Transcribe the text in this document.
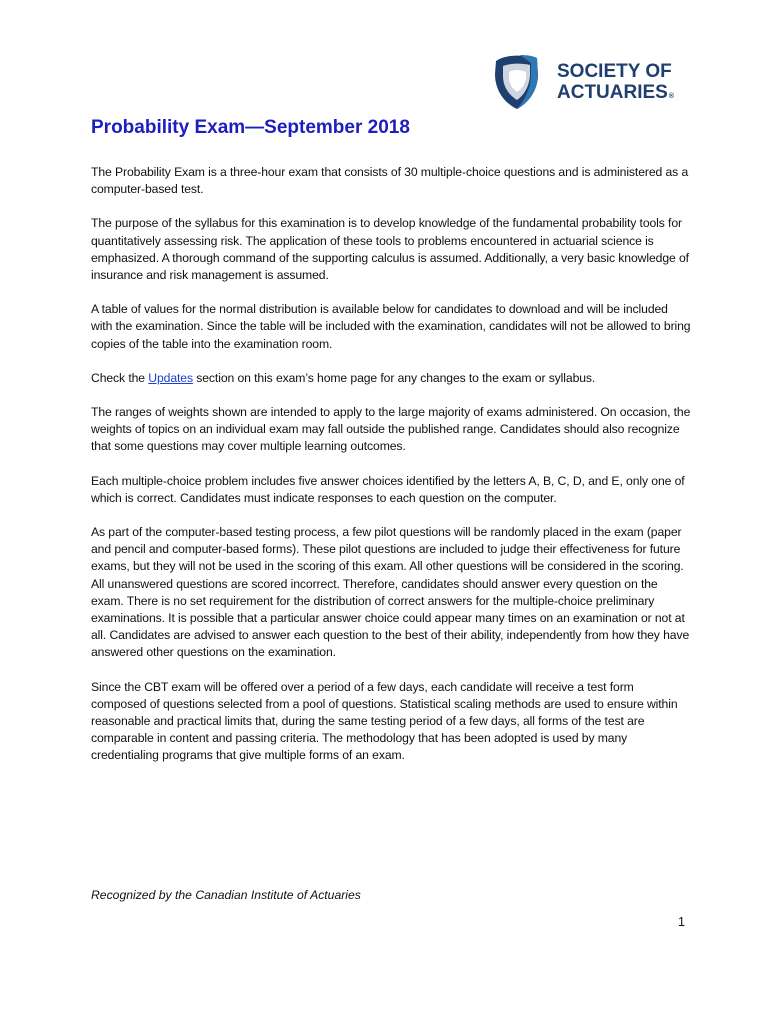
SOCIETY OF
ACTUARIES®
Probability Exam—September 2018

The Probability Exam is a three-hour exam that consists of 30 multiple-choice questions and is administered as a computer-based test.

The purpose of the syllabus for this examination is to develop knowledge of the fundamental probability tools for quantitatively assessing risk. The application of these tools to problems encountered in actuarial science is emphasized. A thorough command of the supporting calculus is assumed. Additionally, a very basic knowledge of insurance and risk management is assumed.

A table of values for the normal distribution is available below for candidates to download and will be included with the examination. Since the table will be included with the examination, candidates will not be allowed to bring copies of the table into the examination room.

Check the Updates section on this exam’s home page for any changes to the exam or syllabus.

The ranges of weights shown are intended to apply to the large majority of exams administered. On occasion, the weights of topics on an individual exam may fall outside the published range. Candidates should also recognize that some questions may cover multiple learning outcomes.

Each multiple-choice problem includes five answer choices identified by the letters A, B, C, D, and E, only one of which is correct. Candidates must indicate responses to each question on the computer.

As part of the computer-based testing process, a few pilot questions will be randomly placed in the exam (paper and pencil and computer-based forms). These pilot questions are included to judge their effectiveness for future exams, but they will not be used in the scoring of this exam. All other questions will be considered in the scoring. All unanswered questions are scored incorrect. Therefore, candidates should answer every question on the exam. There is no set requirement for the distribution of correct answers for the multiple-choice preliminary examinations. It is possible that a particular answer choice could appear many times on an examination or not at all. Candidates are advised to answer each question to the best of their ability, independently from how they have answered other questions on the examination.

Since the CBT exam will be offered over a period of a few days, each candidate will receive a test form composed of questions selected from a pool of questions. Statistical scaling methods are used to ensure within reasonable and practical limits that, during the same testing period of a few days, all forms of the test are comparable in content and passing criteria. The methodology that has been adopted is used by many credentialing programs that give multiple forms of an exam.

Recognized by the Canadian Institute of Actuaries

1
